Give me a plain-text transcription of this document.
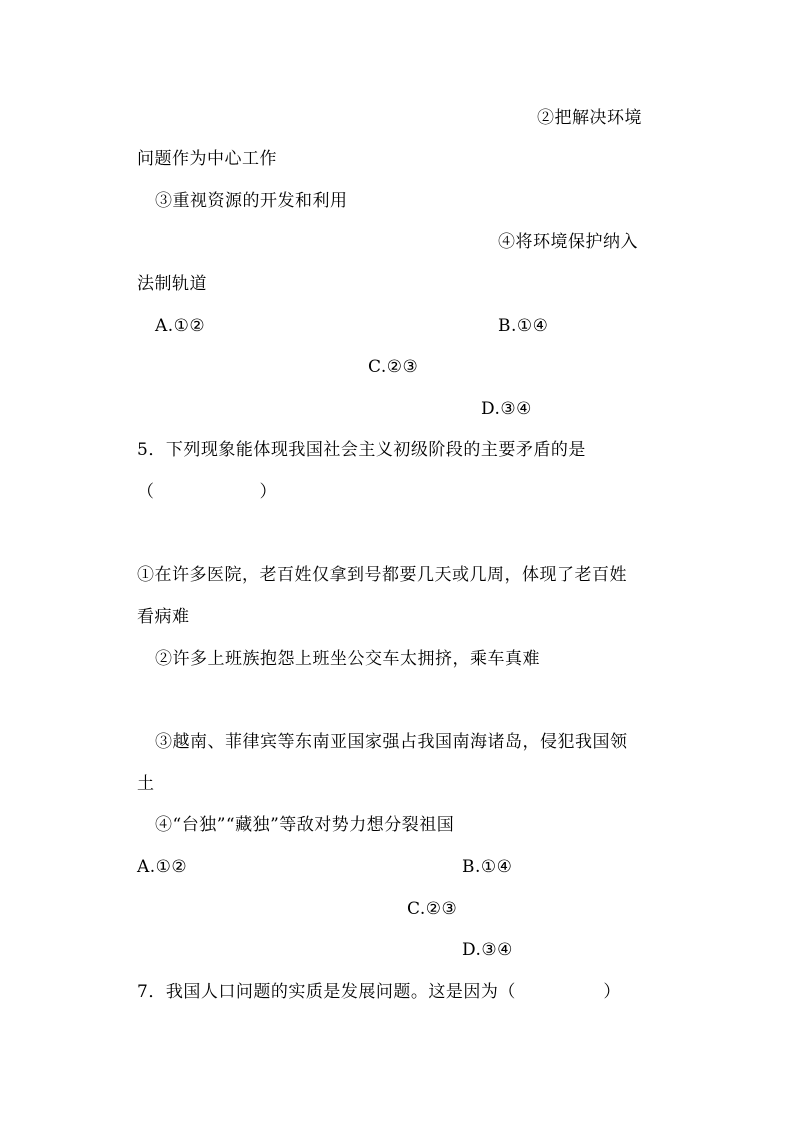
②把解决环境
问题作为中心工作
③重视资源的开发和利用
④将环境保护纳入
法制轨道
A.①②	B.①④
C.②③
D.③④
5．下列现象能体现我国社会主义初级阶段的主要矛盾的是
（　　　　　　）
①在许多医院，老百姓仅拿到号都要几天或几周，体现了老百姓
看病难
②许多上班族抱怨上班坐公交车太拥挤，乘车真难
③越南、菲律宾等东南亚国家强占我国南海诸岛，侵犯我国领
土
④“台独”“藏独”等敌对势力想分裂祖国
A.①②	B.①④
C.②③
D.③④
7．我国人口问题的实质是发展问题。这是因为（　　　　　）
